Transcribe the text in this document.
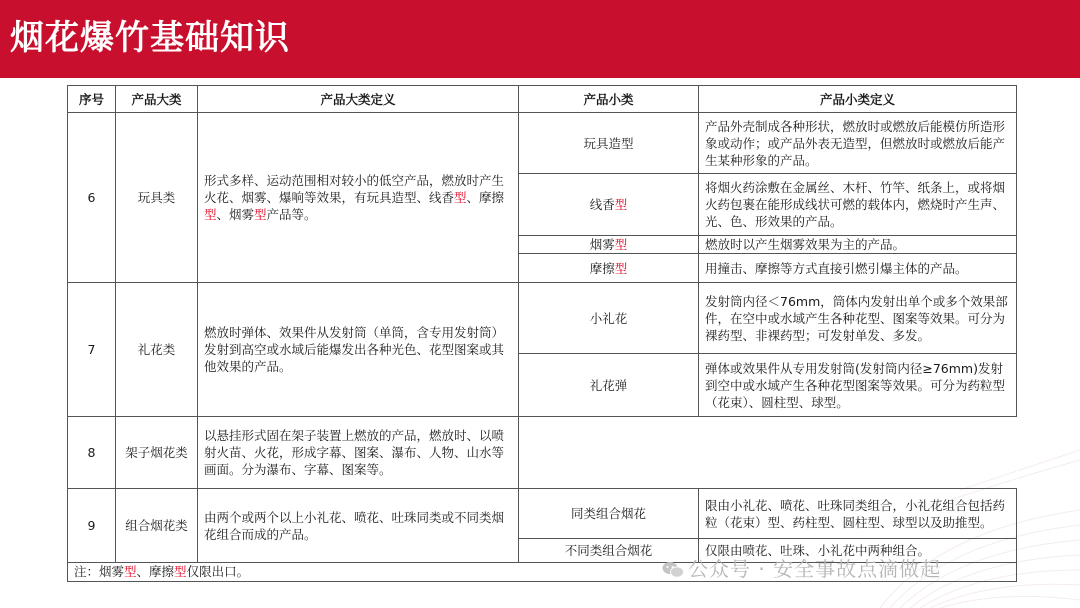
烟花爆竹基础知识
序号	产品大类	产品大类定义	产品小类	产品小类定义
6	玩具类	形式多样、运动范围相对较小的低空产品，燃放时产生火花、烟雾、爆响等效果，有玩具造型、线香型、摩擦型、烟雾型产品等。	玩具造型	产品外壳制成各种形状，燃放时或燃放后能模仿所造形象或动作；或产品外表无造型，但燃放时或燃放后能产生某种形象的产品。
			线香型	将烟火药涂敷在金属丝、木杆、竹竿、纸条上，或将烟火药包裹在能形成线状可燃的载体内，燃烧时产生声、光、色、形效果的产品。
			烟雾型	燃放时以产生烟雾效果为主的产品。
			摩擦型	用撞击、摩擦等方式直接引燃引爆主体的产品。
7	礼花类	燃放时弹体、效果件从发射筒（单筒，含专用发射筒）发射到高空或水域后能爆发出各种光色、花型图案或其他效果的产品。	小礼花	发射筒内径＜76mm，筒体内发射出单个或多个效果部件，在空中或水域产生各种花型、图案等效果。可分为裸药型、非裸药型；可发射单发、多发。
			礼花弹	弹体或效果件从专用发射筒(发射筒内径≥76mm)发射到空中或水域产生各种花型图案等效果。可分为药粒型（花束）、圆柱型、球型。
8	架子烟花类	以悬挂形式固在架子装置上燃放的产品，燃放时、以喷射火苗、火花，形成字幕、图案、瀑布、人物、山水等画面。分为瀑布、字幕、图案等。		
9	组合烟花类	由两个或两个以上小礼花、喷花、吐珠同类或不同类烟花组合而成的产品。	同类组合烟花	限由小礼花、喷花、吐珠同类组合，小礼花组合包括药粒（花束）型、药柱型、圆柱型、球型以及助推型。
			不同类组合烟花	仅限由喷花、吐珠、小礼花中两种组合。
注：烟雾型、摩擦型仅限出口。					公众号 · 安全事故点滴做起
